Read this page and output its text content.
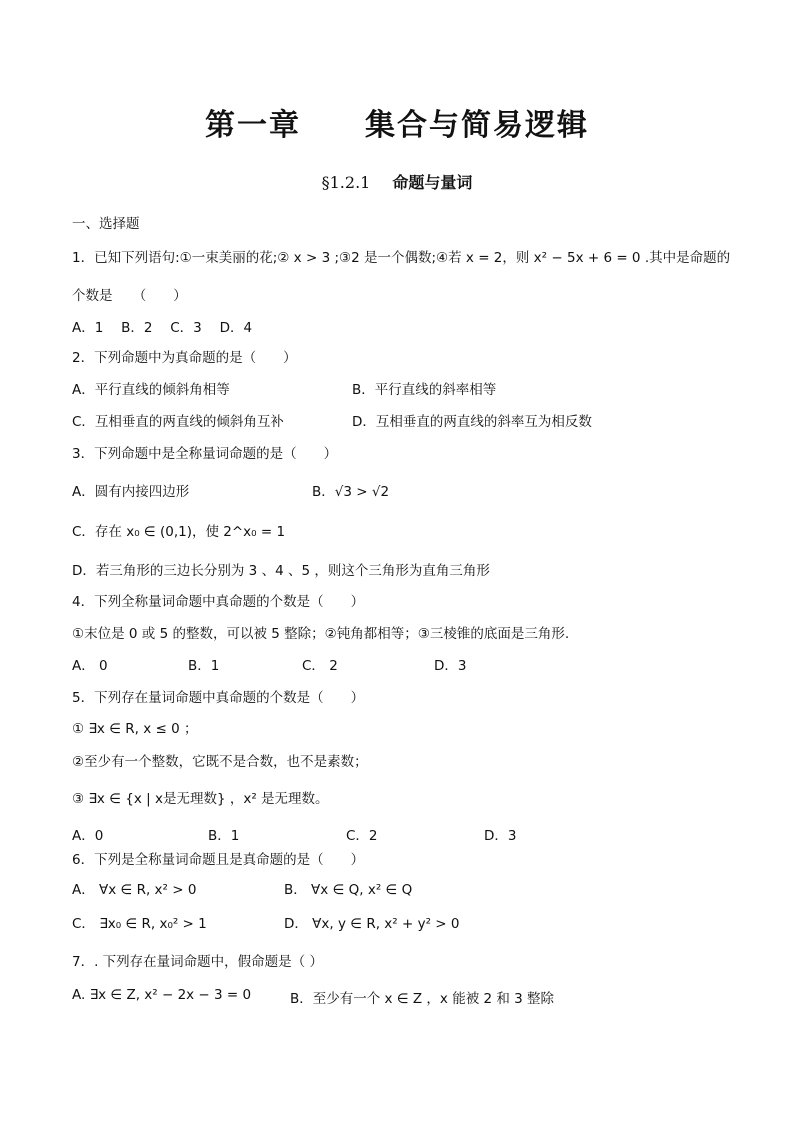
第一章 集合与简易逻辑
§1.2.1 命题与量词
一、选择题
1．已知下列语句:①一束美丽的花;② x > 3 ;③2 是一个偶数;④若 x = 2，则 x² − 5x + 6 = 0 .其中是命题的
个数是　　（　　）
A．1　 B．2　 C．3　 D．4
2．下列命题中为真命题的是（　　）
A．平行直线的倾斜角相等	B．平行直线的斜率相等
C．互相垂直的两直线的倾斜角互补	D．互相垂直的两直线的斜率互为相反数
3．下列命题中是全称量词命题的是（　　）
A．圆有内接四边形	B．√3 > √2
C．存在 x₀ ∈ (0,1)，使 2^x₀ = 1
D．若三角形的三边长分别为 3 、4 、5 ，则这个三角形为直角三角形
4．下列全称量词命题中真命题的个数是（　　）
①末位是 0 或 5 的整数，可以被 5 整除；②钝角都相等；③三棱锥的底面是三角形.
A． 0	B．1	C． 2	D．3
5．下列存在量词命题中真命题的个数是（　　）
① ∃x ∈ R, x ≤ 0 ；
②至少有一个整数，它既不是合数，也不是素数；
③ ∃x ∈ {x | x是无理数} ，x² 是无理数。
A．0	B．1	C．2	D．3
6．下列是全称量词命题且是真命题的是（　　）
A． ∀x ∈ R, x² > 0	B． ∀x ∈ Q, x² ∈ Q
C． ∃x₀ ∈ R, x₀² > 1	D． ∀x, y ∈ R, x² + y² > 0
7．. 下列存在量词命题中，假命题是（ ）
A. ∃x ∈ Z, x² − 2x − 3 = 0	B．至少有一个 x ∈ Z ，x 能被 2 和 3 整除
